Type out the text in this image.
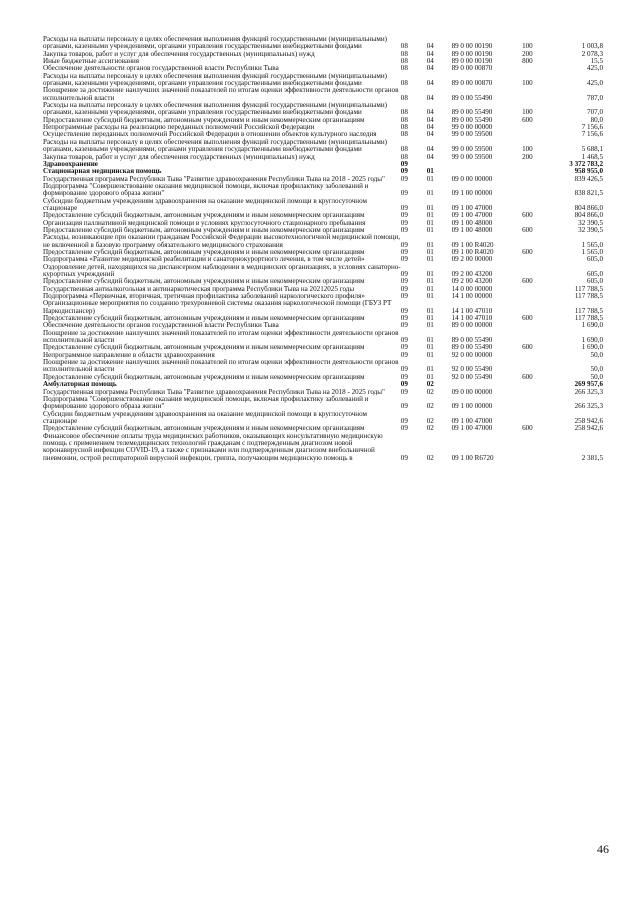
Расходы на выплаты персоналу в целях обеспечения выполнения функций государственными (муниципальными) органами, казенными учреждениями, органами управления государственными внебюджетными фондами	08	04	89 0 00 00190	100	1 003,8
Закупка товаров, работ и услуг для обеспечения государственных (муниципальных) нужд	08	04	89 0 00 00190	200	2 078,3
Иные бюджетные ассигнования	08	04	89 0 00 00190	800	15,5
Обеспечение деятельности органов государственной власти Республики Тыва	08	04	89 0 00 00870		425,0
Расходы на выплаты персоналу в целях обеспечения выполнения функций государственными (муниципальными) органами, казенными учреждениями, органами управления государственными внебюджетными фондами	08	04	89 0 00 00870	100	425,0
Поощрение за достижение наилучших значений показателей по итогам оценки эффективности деятельности органов исполнительной власти	08	04	89 0 00 55490		787,0
Расходы на выплаты персоналу в целях обеспечения выполнения функций государственными (муниципальными) органами, казенными учреждениями, органами управления государственными внебюджетными фондами	08	04	89 0 00 55490	100	707,0
Предоставление субсидий бюджетным, автономным учреждениям и иным некоммерческим организациям	08	04	89 0 00 55490	600	80,0
Непрограммные расходы на реализацию переданных полномочий Российской Федерации	08	04	99 0 00 00000		7 156,6
Осуществление переданных полномочий Российской Федерации в отношении объектов культурного наследия	08	04	99 0 00 59500		7 156,6
Расходы на выплаты персоналу в целях обеспечения выполнения функций государственными (муниципальными) органами, казенными учреждениями, органами управления государственными внебюджетными фондами	08	04	99 0 00 59500	100	5 688,1
Закупка товаров, работ и услуг для обеспечения государственных (муниципальных) нужд	08	04	99 0 00 59500	200	1 468,5
Здравоохранение	09				3 372 783,2
Стационарная медицинская помощь	09	01			958 955,0
Государственная программа Республики Тыва "Развитие здравоохранения Республики Тыва на 2018 - 2025 годы"	09	01	09 0 00 00000		839 426,5
Подпрограмма "Совершенствование оказания медицинской помощи, включая профилактику заболеваний и формирование здорового образа жизни"	09	01	09 1 00 00000		838 821,5
Субсидии бюджетным учреждениям здравоохранения на оказание медицинской помощи в круглосуточном стационаре	09	01	09 1 00 47000		804 866,0
Предоставление субсидий бюджетным, автономным учреждениям и иным некоммерческим организациям	09	01	09 1 00 47000	600	804 866,0
Организация паллиативной медицинской помощи в условиях круглосуточного стационарного пребывания	09	01	09 1 00 48000		32 390,5
Предоставление субсидий бюджетным, автономным учреждениям и иным некоммерческим организациям	09	01	09 1 00 48000	600	32 390,5
Расходы, возникающие при оказании гражданам Российской Федерации высокотехнологичной медицинской помощи, не включенной в базовую программу обязательного медицинского страхования	09	01	09 1 00 R4020		1 565,0
Предоставление субсидий бюджетным, автономным учреждениям и иным некоммерческим организациям	09	01	09 1 00 R4020	600	1 565,0
Подпрограмма «Развитие медицинской реабилитации и санаторнокурортного лечения, в том числе детей»	09	01	09 2 00 00000		605,0
Оздоровление детей, находящихся на диспансерном наблюдении в медицинских организациях, в условиях санаторно-курортных учреждений	09	01	09 2 00 43200		605,0
Предоставление субсидий бюджетным, автономным учреждениям и иным некоммерческим организациям	09	01	09 2 00 43200	600	605,0
Государственная антиалкогольная и антинаркотическая программа Республики Тыва на 20212025 годы	09	01	14 0 00 00000		117 788,5
Подпрограмма «Первичная, вторичная, третичная профилактика заболеваний наркологического профиля»	09	01	14 1 00 00000		117 788,5
Организационные мероприятия по созданию трехуровневой системы оказания наркологической помощи (ГБУЗ РТ Наркодиспансер)	09	01	14 1 00 47010		117 788,5
Предоставление субсидий бюджетным, автономным учреждениям и иным некоммерческим организациям	09	01	14 1 00 47010	600	117 788,5
Обеспечение деятельности органов государственной власти Республики Тыва	09	01	89 0 00 00000		1 690,0
Поощрение за достижение наилучших значений показателей по итогам оценки эффективности деятельности органов исполнительной власти	09	01	89 0 00 55490		1 690,0
Предоставление субсидий бюджетным, автономным учреждениям и иным некоммерческим организациям	09	01	89 0 00 55490	600	1 690,0
Непрограммное направление в области здравоохранения	09	01	92 0 00 00000		50,0
Поощрение за достижение наилучших значений показателей по итогам оценки эффективности деятельности органов исполнительной власти	09	01	92 0 00 55490		50,0
Предоставление субсидий бюджетным, автономным учреждениям и иным некоммерческим организациям	09	01	92 0 00 55490	600	50,0
Амбулаторная помощь	09	02			269 957,6
Государственная программа Республики Тыва "Развитие здравоохранения Республики Тыва на 2018 - 2025 годы"	09	02	09 0 00 00000		266 325,3
Подпрограмма "Совершенствование оказания медицинской помощи, включая профилактику заболеваний и формирование здорового образа жизни"	09	02	09 1 00 00000		266 325,3
Субсидии бюджетным учреждениям здравоохранения на оказание медицинской помощи в круглосуточном стационаре	09	02	09 1 00 47000		258 942,6
Предоставление субсидий бюджетным, автономным учреждениям и иным некоммерческим организациям	09	02	09 1 00 47000	600	258 942,6
Финансовое обеспечение оплаты труда медицинских работников, оказывающих консультативную медицинскую помощь с применением телемедицинских технологий гражданам с подтвержденным диагнозом новой коронавирусной инфекции COVID-19, а также с признаками или подтвержденным диагнозом внебольничной пневмонии, острой респираторной вирусной инфекции, гриппа, получающим медицинскую помощь в	09	02	09 1 00 R6720		2 381,5
46
